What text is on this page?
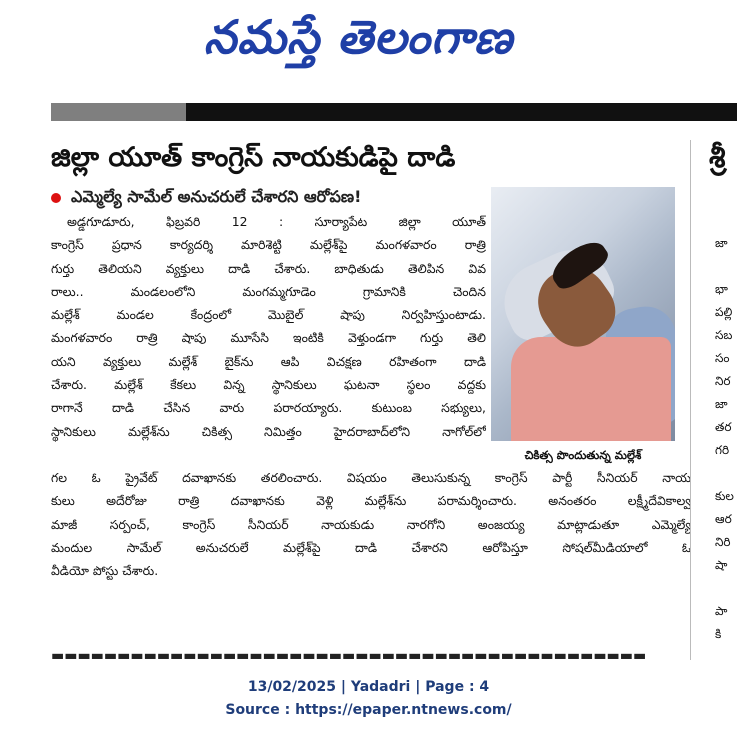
నమస్తే తెలంగాణ
జిల్లా యూత్ కాంగ్రెస్ నాయకుడిపై దాడి
ఎమ్మెల్యే సామేల్ అనుచరులే చేశారని ఆరోపణ!
అడ్డగూడూరు, ఫిబ్రవరి 12 : సూర్యాపేట జిల్లా యూత్
కాంగ్రెస్ ప్రధాన కార్యదర్శి మారిశెట్టి మల్లేశ్‌పై మంగళవారం రాత్రి
గుర్తు తెలియని వ్యక్తులు దాడి చేశారు. బాధితుడు తెలిపిన వివ
రాలు.. మండలంలోని మంగమ్మగూడెం గ్రామానికి చెందిన
మల్లేశ్ మండల కేంద్రంలో మొబైల్ షాపు నిర్వహిస్తుంటాడు.
మంగళవారం రాత్రి షాపు మూసేసి ఇంటికి వెళ్తుండగా గుర్తు తెలి
యని వ్యక్తులు మల్లేశ్ బైక్‌ను ఆపి విచక్షణ రహితంగా దాడి
చేశారు. మల్లేశ్ కేకలు విన్న స్థానికులు ఘటనా స్థలం వద్దకు
రాగానే దాడి చేసిన వారు పరారయ్యారు. కుటుంబ సభ్యులు,
స్థానికులు మల్లేశ్‌ను చికిత్స నిమిత్తం హైదరాబాద్‌లోని నాగోల్‌లో
చికిత్స పొందుతున్న మల్లేశ్
గల ఓ ప్రైవేట్ దవాఖానకు తరలించారు. విషయం తెలుసుకున్న కాంగ్రెస్ పార్టీ సీనియర్ నాయ
కులు అదేరోజు రాత్రి దవాఖానకు వెళ్లి మల్లేశ్‌ను పరామర్శించారు. అనంతరం లక్ష్మీదేవికాల్వ
మాజీ సర్పంచ్, కాంగ్రెస్ సీనియర్ నాయకుడు నారగోని అంజయ్య మాట్లాడుతూ ఎమ్మెల్యే
మందుల సామేల్ అనుచరులే మల్లేశ్‌పై దాడి చేశారని ఆరోపిస్తూ సోషల్‌మీడియాలో ఓ
వీడియో పోస్టు చేశారు.
▬▬▬▬▬▬▬▬▬▬▬▬▬▬▬▬▬▬▬▬▬▬▬▬▬▬▬▬▬▬▬▬▬▬▬▬▬▬▬▬▬▬▬▬▬
శ్రీ
జా
భా
పల్లి
సబ
సం
నిర
జా
తర
గరి
కుల
ఆర
నిరి
షా
పా
కి
13/02/2025 | Yadadri | Page : 4
Source : https://epaper.ntnews.com/
